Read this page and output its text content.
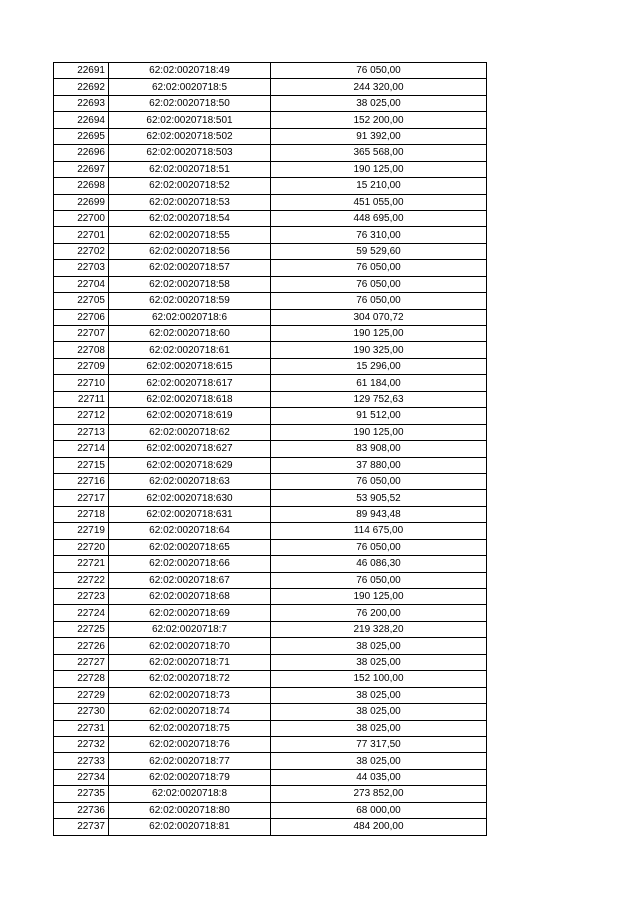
22691	62:02:0020718:49	76 050,00
22692	62:02:0020718:5	244 320,00
22693	62:02:0020718:50	38 025,00
22694	62:02:0020718:501	152 200,00
22695	62:02:0020718:502	91 392,00
22696	62:02:0020718:503	365 568,00
22697	62:02:0020718:51	190 125,00
22698	62:02:0020718:52	15 210,00
22699	62:02:0020718:53	451 055,00
22700	62:02:0020718:54	448 695,00
22701	62:02:0020718:55	76 310,00
22702	62:02:0020718:56	59 529,60
22703	62:02:0020718:57	76 050,00
22704	62:02:0020718:58	76 050,00
22705	62:02:0020718:59	76 050,00
22706	62:02:0020718:6	304 070,72
22707	62:02:0020718:60	190 125,00
22708	62:02:0020718:61	190 325,00
22709	62:02:0020718:615	15 296,00
22710	62:02:0020718:617	61 184,00
22711	62:02:0020718:618	129 752,63
22712	62:02:0020718:619	91 512,00
22713	62:02:0020718:62	190 125,00
22714	62:02:0020718:627	83 908,00
22715	62:02:0020718:629	37 880,00
22716	62:02:0020718:63	76 050,00
22717	62:02:0020718:630	53 905,52
22718	62:02:0020718:631	89 943,48
22719	62:02:0020718:64	114 675,00
22720	62:02:0020718:65	76 050,00
22721	62:02:0020718:66	46 086,30
22722	62:02:0020718:67	76 050,00
22723	62:02:0020718:68	190 125,00
22724	62:02:0020718:69	76 200,00
22725	62:02:0020718:7	219 328,20
22726	62:02:0020718:70	38 025,00
22727	62:02:0020718:71	38 025,00
22728	62:02:0020718:72	152 100,00
22729	62:02:0020718:73	38 025,00
22730	62:02:0020718:74	38 025,00
22731	62:02:0020718:75	38 025,00
22732	62:02:0020718:76	77 317,50
22733	62:02:0020718:77	38 025,00
22734	62:02:0020718:79	44 035,00
22735	62:02:0020718:8	273 852,00
22736	62:02:0020718:80	68 000,00
22737	62:02:0020718:81	484 200,00
